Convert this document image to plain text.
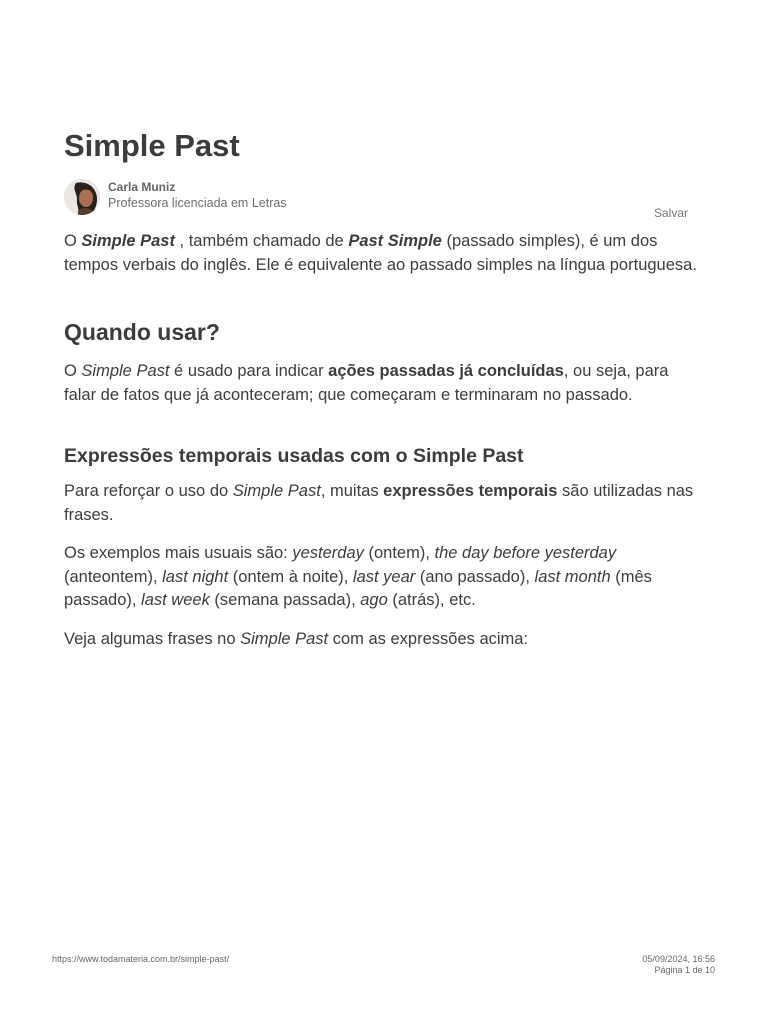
Simple Past
Carla Muniz
Professora licenciada em Letras
Salvar

O Simple Past , também chamado de Past Simple (passado simples), é um dos tempos verbais do inglês. Ele é equivalente ao passado simples na língua portuguesa.

Quando usar?

O Simple Past é usado para indicar ações passadas já concluídas, ou seja, para falar de fatos que já aconteceram; que começaram e terminaram no passado.

Expressões temporais usadas com o Simple Past

Para reforçar o uso do Simple Past, muitas expressões temporais são utilizadas nas frases.

Os exemplos mais usuais são: yesterday (ontem), the day before yesterday (anteontem), last night (ontem à noite), last year (ano passado), last month (mês passado), last week (semana passada), ago (atrás), etc.

Veja algumas frases no Simple Past com as expressões acima:

https://www.todamateria.com.br/simple-past/	05/09/2024, 16:56
Página 1 de 10
